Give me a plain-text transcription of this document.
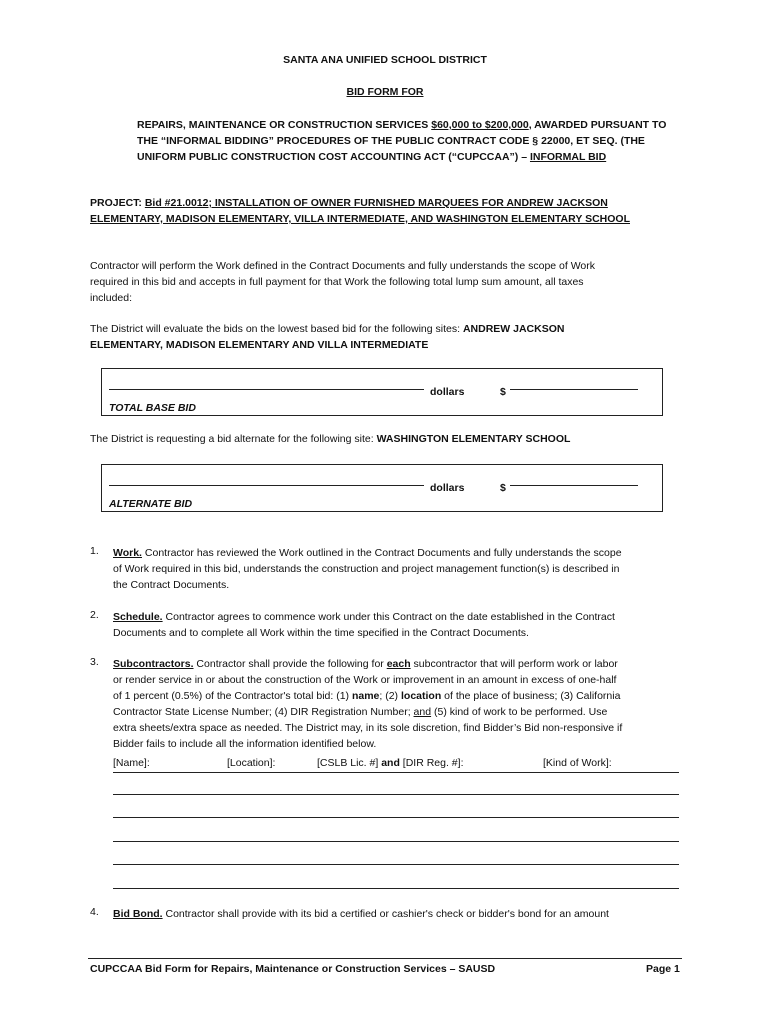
SANTA ANA UNIFIED SCHOOL DISTRICT
BID FORM FOR
REPAIRS, MAINTENANCE OR CONSTRUCTION SERVICES $60,000 to $200,000, AWARDED PURSUANT TO
THE “INFORMAL BIDDING” PROCEDURES OF THE PUBLIC CONTRACT CODE § 22000, ET SEQ. (THE
UNIFORM PUBLIC CONSTRUCTION COST ACCOUNTING ACT (“CUPCCAA”) – INFORMAL BID
PROJECT: Bid #21.0012; INSTALLATION OF OWNER FURNISHED MARQUEES FOR ANDREW JACKSON
ELEMENTARY, MADISON ELEMENTARY, VILLA INTERMEDIATE, AND WASHINGTON ELEMENTARY SCHOOL
Contractor will perform the Work defined in the Contract Documents and fully understands the scope of Work
required in this bid and accepts in full payment for that Work the following total lump sum amount, all taxes
included:
The District will evaluate the bids on the lowest based bid for the following sites: ANDREW JACKSON
ELEMENTARY, MADISON ELEMENTARY AND VILLA INTERMEDIATE
dollars	$
TOTAL BASE BID
The District is requesting a bid alternate for the following site: WASHINGTON ELEMENTARY SCHOOL
dollars	$
ALTERNATE BID
1. Work. Contractor has reviewed the Work outlined in the Contract Documents and fully understands the scope
of Work required in this bid, understands the construction and project management function(s) is described in
the Contract Documents.
2. Schedule. Contractor agrees to commence work under this Contract on the date established in the Contract
Documents and to complete all Work within the time specified in the Contract Documents.
3. Subcontractors. Contractor shall provide the following for each subcontractor that will perform work or labor
or render service in or about the construction of the Work or improvement in an amount in excess of one-half
of 1 percent (0.5%) of the Contractor's total bid: (1) name; (2) location of the place of business; (3) California
Contractor State License Number; (4) DIR Registration Number; and (5) kind of work to be performed. Use
extra sheets/extra space as needed. The District may, in its sole discretion, find Bidder’s Bid non-responsive if
Bidder fails to include all the information identified below.
[Name]:	[Location]:	[CSLB Lic. #] and [DIR Reg. #]:	[Kind of Work]:
4. Bid Bond. Contractor shall provide with its bid a certified or cashier's check or bidder's bond for an amount
CUPCCAA Bid Form for Repairs, Maintenance or Construction Services – SAUSD	Page 1
